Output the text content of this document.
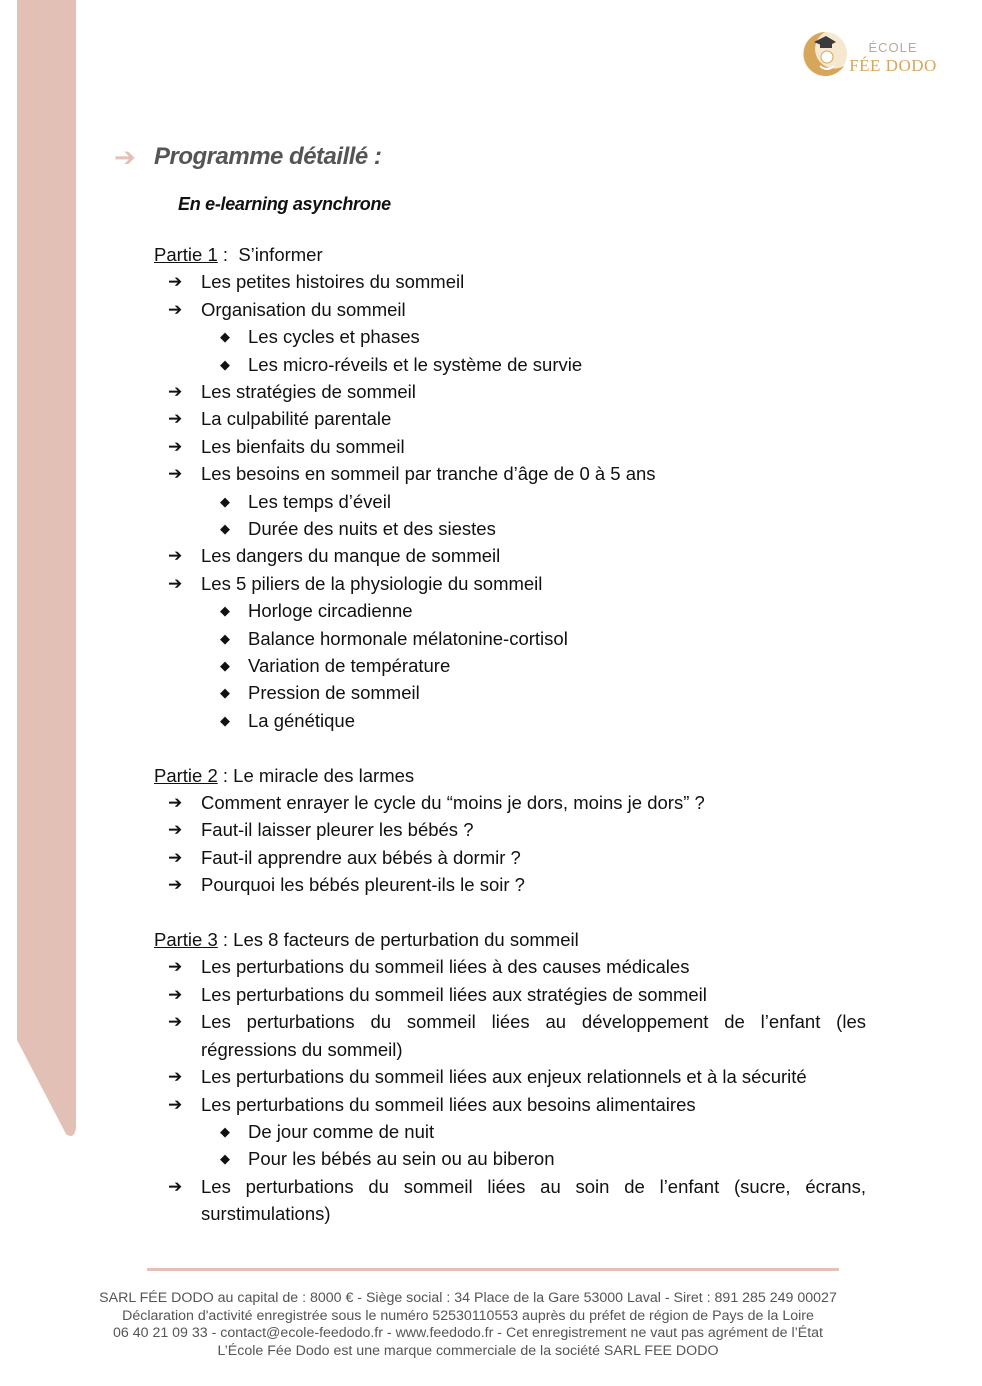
ÉCOLE
FÉE DODO
➔ Programme détaillé :
En e-learning asynchrone
Partie 1 :  S’informer
➔	Les petites histoires du sommeil
➔	Organisation du sommeil
◆ Les cycles et phases
◆ Les micro-réveils et le système de survie
➔	Les stratégies de sommeil
➔	La culpabilité parentale
➔	Les bienfaits du sommeil
➔	Les besoins en sommeil par tranche d’âge de 0 à 5 ans
◆ Les temps d’éveil
◆ Durée des nuits et des siestes
➔	Les dangers du manque de sommeil
➔	Les 5 piliers de la physiologie du sommeil
◆ Horloge circadienne
◆ Balance hormonale mélatonine-cortisol
◆ Variation de température
◆ Pression de sommeil
◆ La génétique
Partie 2 : Le miracle des larmes
➔	Comment enrayer le cycle du “moins je dors, moins je dors” ?
➔	Faut-il laisser pleurer les bébés ?
➔	Faut-il apprendre aux bébés à dormir ?
➔	Pourquoi les bébés pleurent-ils le soir ?
Partie 3 : Les 8 facteurs de perturbation du sommeil
➔	Les perturbations du sommeil liées à des causes médicales
➔	Les perturbations du sommeil liées aux stratégies de sommeil
➔	Les perturbations du sommeil liées au développement de l’enfant (les régressions du sommeil)
➔	Les perturbations du sommeil liées aux enjeux relationnels et à la sécurité
➔	Les perturbations du sommeil liées aux besoins alimentaires
◆ De jour comme de nuit
◆ Pour les bébés au sein ou au biberon
➔	Les perturbations du sommeil liées au soin de l’enfant (sucre, écrans, surstimulations)
SARL FÉE DODO au capital de : 8000 € - Siège social : 34 Place de la Gare 53000 Laval - Siret : 891 285 249 00027
Déclaration d'activité enregistrée sous le numéro 52530110553 auprès du préfet de région de Pays de la Loire
06 40 21 09 33 - contact@ecole-feedodo.fr - www.feedodo.fr - Cet enregistrement ne vaut pas agrément de l’État
L’École Fée Dodo est une marque commerciale de la société SARL FEE DODO
